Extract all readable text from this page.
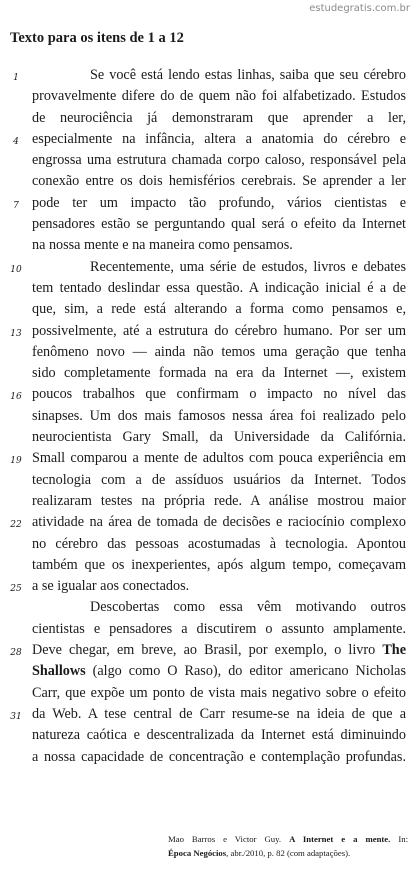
estudegratis.com.br
Texto para os itens de 1 a 12
1	Se você está lendo estas linhas, saiba que seu cérebro
provavelmente difere do de quem não foi alfabetizado. Estudos
de neurociência já demonstraram que aprender a ler,
4 especialmente na infância, altera a anatomia do cérebro e
engrossa uma estrutura chamada corpo caloso, responsável pela
conexão entre os dois hemisférios cerebrais. Se aprender a ler
7 pode ter um impacto tão profundo, vários cientistas e
pensadores estão se perguntando qual será o efeito da Internet
na nossa mente e na maneira como pensamos.
10	Recentemente, uma série de estudos, livros e debates
tem tentado deslindar essa questão. A indicação inicial é a de
que, sim, a rede está alterando a forma como pensamos e,
13 possivelmente, até a estrutura do cérebro humano. Por ser um
fenômeno novo — ainda não temos uma geração que tenha
sido completamente formada na era da Internet —, existem
16 poucos trabalhos que confirmam o impacto no nível das
sinapses. Um dos mais famosos nessa área foi realizado pelo
neurocientista Gary Small, da Universidade da Califórnia.
19 Small comparou a mente de adultos com pouca experiência em
tecnologia com a de assíduos usuários da Internet. Todos
realizaram testes na própria rede. A análise mostrou maior
22 atividade na área de tomada de decisões e raciocínio complexo
no cérebro das pessoas acostumadas à tecnologia. Apontou
também que os inexperientes, após algum tempo, começavam
25 a se igualar aos conectados.
Descobertas como essa vêm motivando outros
cientistas e pensadores a discutirem o assunto amplamente.
28 Deve chegar, em breve, ao Brasil, por exemplo, o livro The
Shallows (algo como O Raso), do editor americano Nicholas
Carr, que expõe um ponto de vista mais negativo sobre o efeito
31 da Web. A tese central de Carr resume-se na ideia de que a
natureza caótica e descentralizada da Internet está diminuindo
a nossa capacidade de concentração e contemplação profundas.
Mao Barros e Victor Guy. A Internet e a mente. In:
Época Negócios, abr./2010, p. 82 (com adaptações).
